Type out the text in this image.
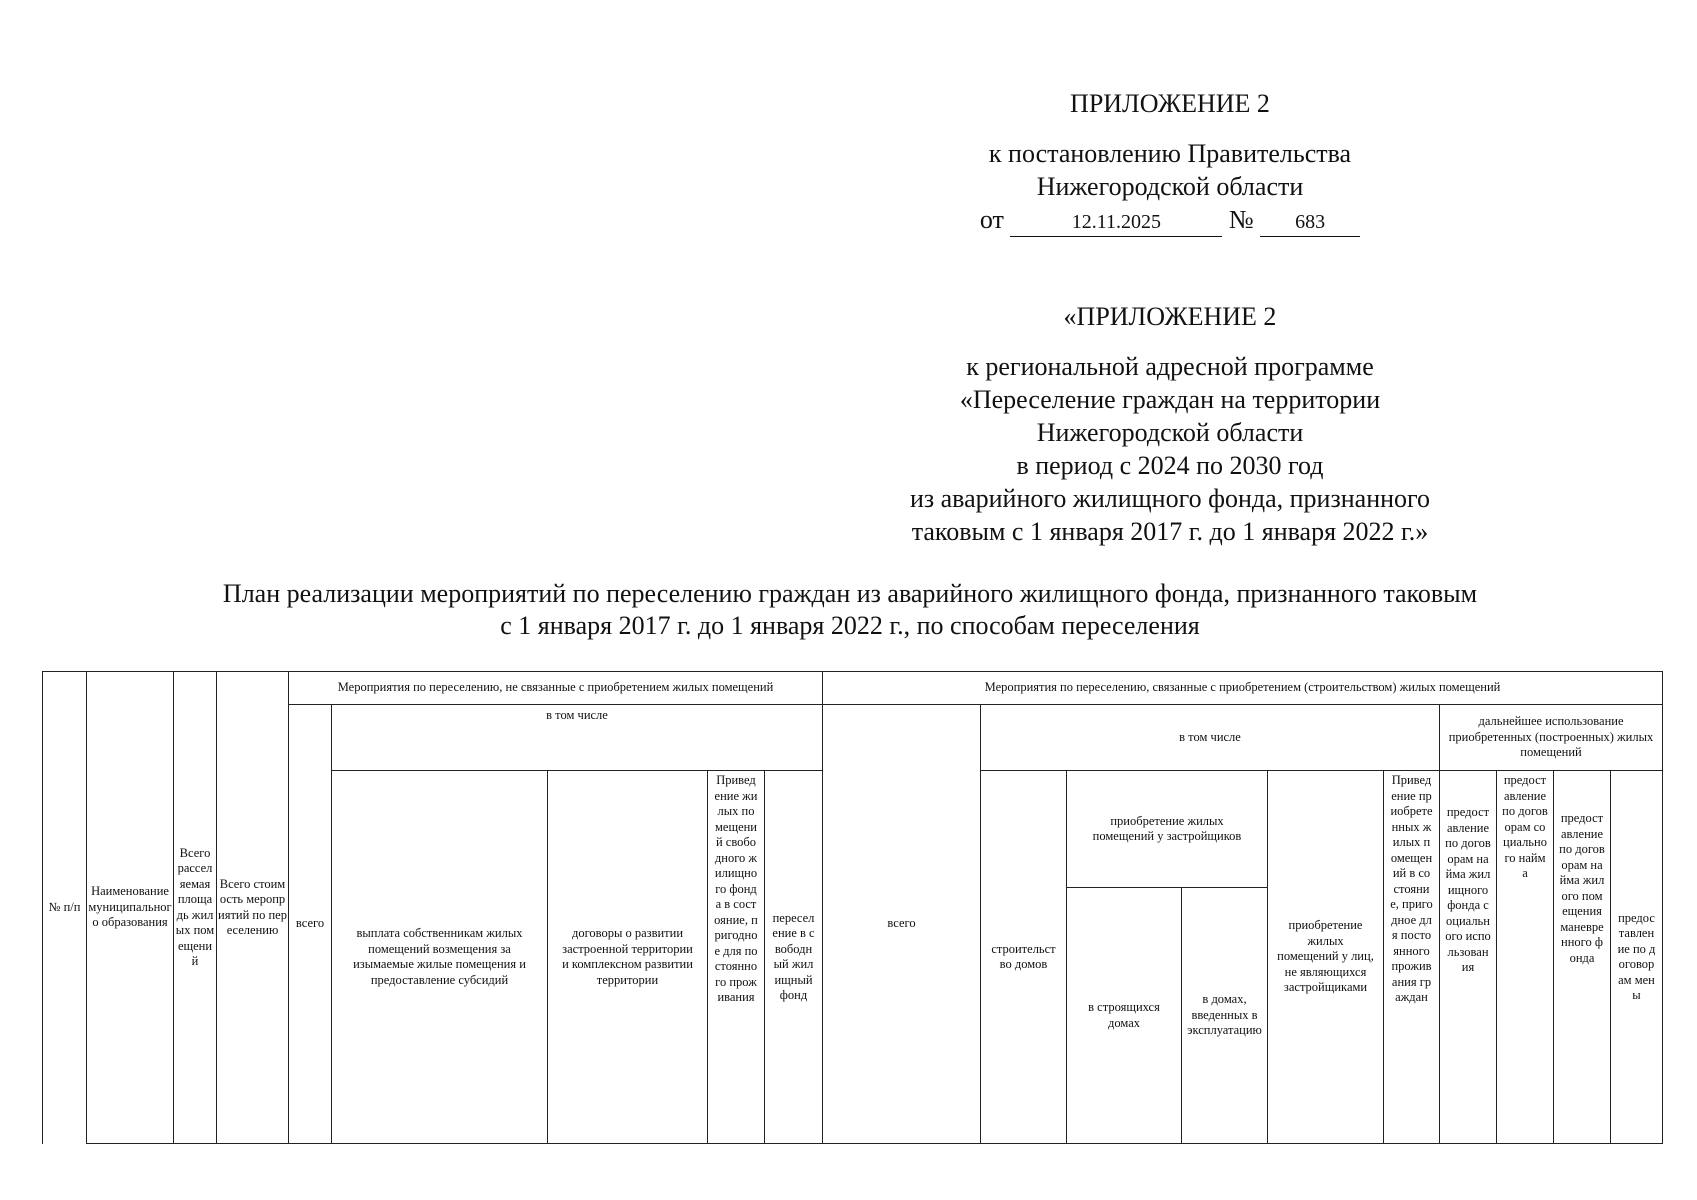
ПРИЛОЖЕНИЕ 2
к постановлению Правительства
Нижегородской области
от	12.11.2025	№ 683
«ПРИЛОЖЕНИЕ 2
к региональной адресной программе
«Переселение граждан на территории
Нижегородской области
в период с 2024 по 2030 год
из аварийного жилищного фонда, признанного
таковым с 1 января 2017 г. до 1 января 2022 г.»
План реализации мероприятий по переселению граждан из аварийного жилищного фонда, признанного таковым
с 1 января 2017 г. до 1 января 2022 г., по способам переселения
№ п/п
Наименование муниципального образования
Всего расселяемая площадь жилых помещений
Всего стоимость мероприятий по переселению
Мероприятия по переселению, не связанные с приобретением жилых помещений
всего
в том числе
выплата собственникам жилых помещений возмещения за изымаемые жилые помещения и предоставление субсидий
договоры о развитии застроенной территории и комплексном развитии территории
Приведение жилых помещений свободного жилищного фонда в состояние, пригодное для постоянного проживания
переселение в свободный жилищный фонд
Мероприятия по переселению, связанные с приобретением (строительством) жилых помещений
всего
в том числе
строительство домов
приобретение жилых помещений у застройщиков
в строящихся домах
в домах, введенных в эксплуатацию
приобретение жилых помещений у лиц, не являющихся застройщиками
Приведение приобретенных жилых помещений в состояние, пригодное для постоянного проживания граждан
дальнейшее использование приобретенных (построенных) жилых помещений
предоставление по договорам найма жилищного фонда социального использования
предоставление по договорам социального найма
предоставление по договорам найма жилого помещения маневренного фонда
предоставление по договорам мены
